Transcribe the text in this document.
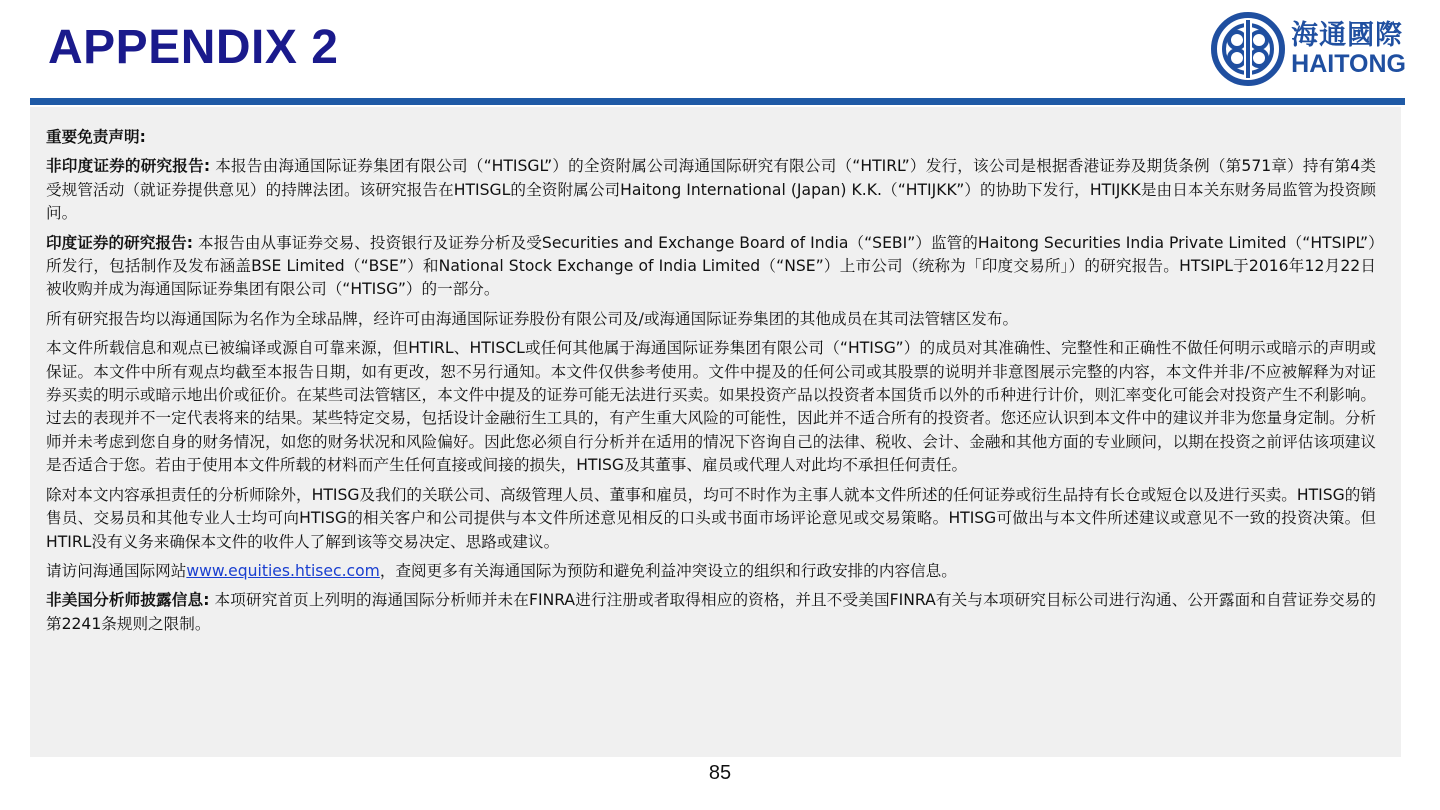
APPENDIX 2	海通國際
HAITONG

重要免责声明:

非印度证券的研究报告: 本报告由海通国际证券集团有限公司（“HTISGL”）的全资附属公司海通国际研究有限公司（“HTIRL”）发行，该公司是根据香港证券及期货条例（第571章）持有第4类受规管活动（就证券提供意见）的持牌法团。该研究报告在HTISGL的全资附属公司Haitong International (Japan) K.K.（“HTIJKK”）的协助下发行，HTIJKK是由日本关东财务局监管为投资顾问。

印度证券的研究报告: 本报告由从事证券交易、投资银行及证券分析及受Securities and Exchange Board of India（“SEBI”）监管的Haitong Securities India Private Limited（“HTSIPL”）所发行，包括制作及发布涵盖BSE Limited（“BSE”）和National Stock Exchange of India Limited（“NSE”）上市公司（统称为「印度交易所」）的研究报告。HTSIPL于2016年12月22日被收购并成为海通国际证券集团有限公司（“HTISG”）的一部分。

所有研究报告均以海通国际为名作为全球品牌，经许可由海通国际证券股份有限公司及/或海通国际证券集团的其他成员在其司法管辖区发布。

本文件所载信息和观点已被编译或源自可靠来源，但HTIRL、HTISCL或任何其他属于海通国际证券集团有限公司（“HTISG”）的成员对其准确性、完整性和正确性不做任何明示或暗示的声明或保证。本文件中所有观点均截至本报告日期，如有更改，恕不另行通知。本文件仅供参考使用。文件中提及的任何公司或其股票的说明并非意图展示完整的内容，本文件并非/不应被解释为对证券买卖的明示或暗示地出价或征价。在某些司法管辖区，本文件中提及的证券可能无法进行买卖。如果投资产品以投资者本国货币以外的币种进行计价，则汇率变化可能会对投资产生不利影响。过去的表现并不一定代表将来的结果。某些特定交易，包括设计金融衍生工具的，有产生重大风险的可能性，因此并不适合所有的投资者。您还应认识到本文件中的建议并非为您量身定制。分析师并未考虑到您自身的财务情况，如您的财务状况和风险偏好。因此您必须自行分析并在适用的情况下咨询自己的法律、税收、会计、金融和其他方面的专业顾问，以期在投资之前评估该项建议是否适合于您。若由于使用本文件所载的材料而产生任何直接或间接的损失，HTISG及其董事、雇员或代理人对此均不承担任何责任。

除对本文内容承担责任的分析师除外，HTISG及我们的关联公司、高级管理人员、董事和雇员，均可不时作为主事人就本文件所述的任何证券或衍生品持有长仓或短仓以及进行买卖。HTISG的销售员、交易员和其他专业人士均可向HTISG的相关客户和公司提供与本文件所述意见相反的口头或书面市场评论意见或交易策略。HTISG可做出与本文件所述建议或意见不一致的投资决策。但HTIRL没有义务来确保本文件的收件人了解到该等交易决定、思路或建议。

请访问海通国际网站www.equities.htisec.com，查阅更多有关海通国际为预防和避免利益冲突设立的组织和行政安排的内容信息。

非美国分析师披露信息: 本项研究首页上列明的海通国际分析师并未在FINRA进行注册或者取得相应的资格，并且不受美国FINRA有关与本项研究目标公司进行沟通、公开露面和自营证券交易的第2241条规则之限制。

85
